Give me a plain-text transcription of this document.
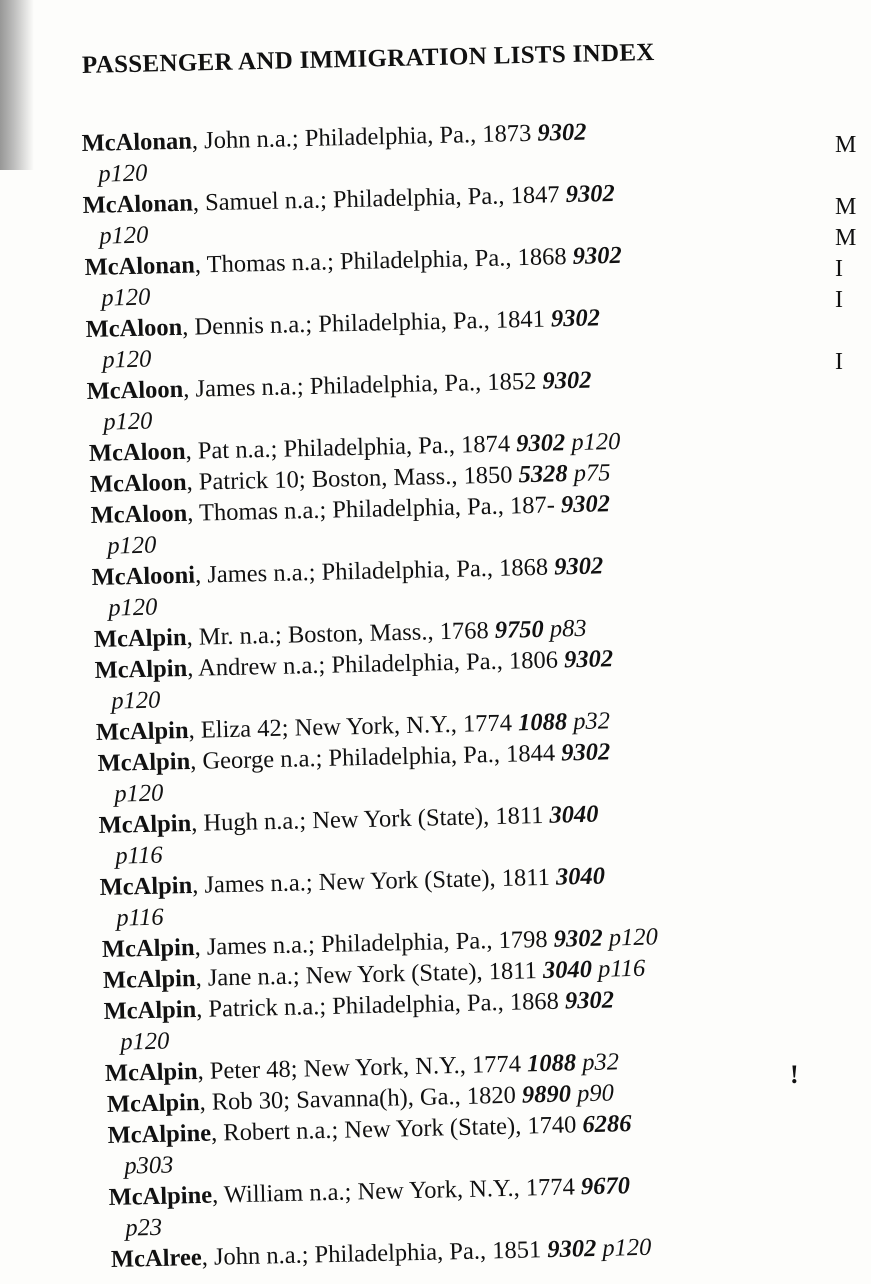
PASSENGER AND IMMIGRATION LISTS INDEX
McAlonan, John n.a.; Philadelphia, Pa., 1873 9302
p120
McAlonan, Samuel n.a.; Philadelphia, Pa., 1847 9302
p120
McAlonan, Thomas n.a.; Philadelphia, Pa., 1868 9302
p120
McAloon, Dennis n.a.; Philadelphia, Pa., 1841 9302
p120
McAloon, James n.a.; Philadelphia, Pa., 1852 9302
p120
McAloon, Pat n.a.; Philadelphia, Pa., 1874 9302 p120
McAloon, Patrick 10; Boston, Mass., 1850 5328 p75
McAloon, Thomas n.a.; Philadelphia, Pa., 187- 9302
p120
McAlooni, James n.a.; Philadelphia, Pa., 1868 9302
p120
McAlpin, Mr. n.a.; Boston, Mass., 1768 9750 p83
McAlpin, Andrew n.a.; Philadelphia, Pa., 1806 9302
p120
McAlpin, Eliza 42; New York, N.Y., 1774 1088 p32
McAlpin, George n.a.; Philadelphia, Pa., 1844 9302
p120
McAlpin, Hugh n.a.; New York (State), 1811 3040
p116
McAlpin, James n.a.; New York (State), 1811 3040
p116
McAlpin, James n.a.; Philadelphia, Pa., 1798 9302 p120
McAlpin, Jane n.a.; New York (State), 1811 3040 p116
McAlpin, Patrick n.a.; Philadelphia, Pa., 1868 9302
p120
McAlpin, Peter 48; New York, N.Y., 1774 1088 p32
McAlpin, Rob 30; Savanna(h), Ga., 1820 9890 p90
McAlpine, Robert n.a.; New York (State), 1740 6286
p303
McAlpine, William n.a.; New York, N.Y., 1774 9670
p23
McAlree, John n.a.; Philadelphia, Pa., 1851 9302 p120
!
M

M
M
I
I

I
